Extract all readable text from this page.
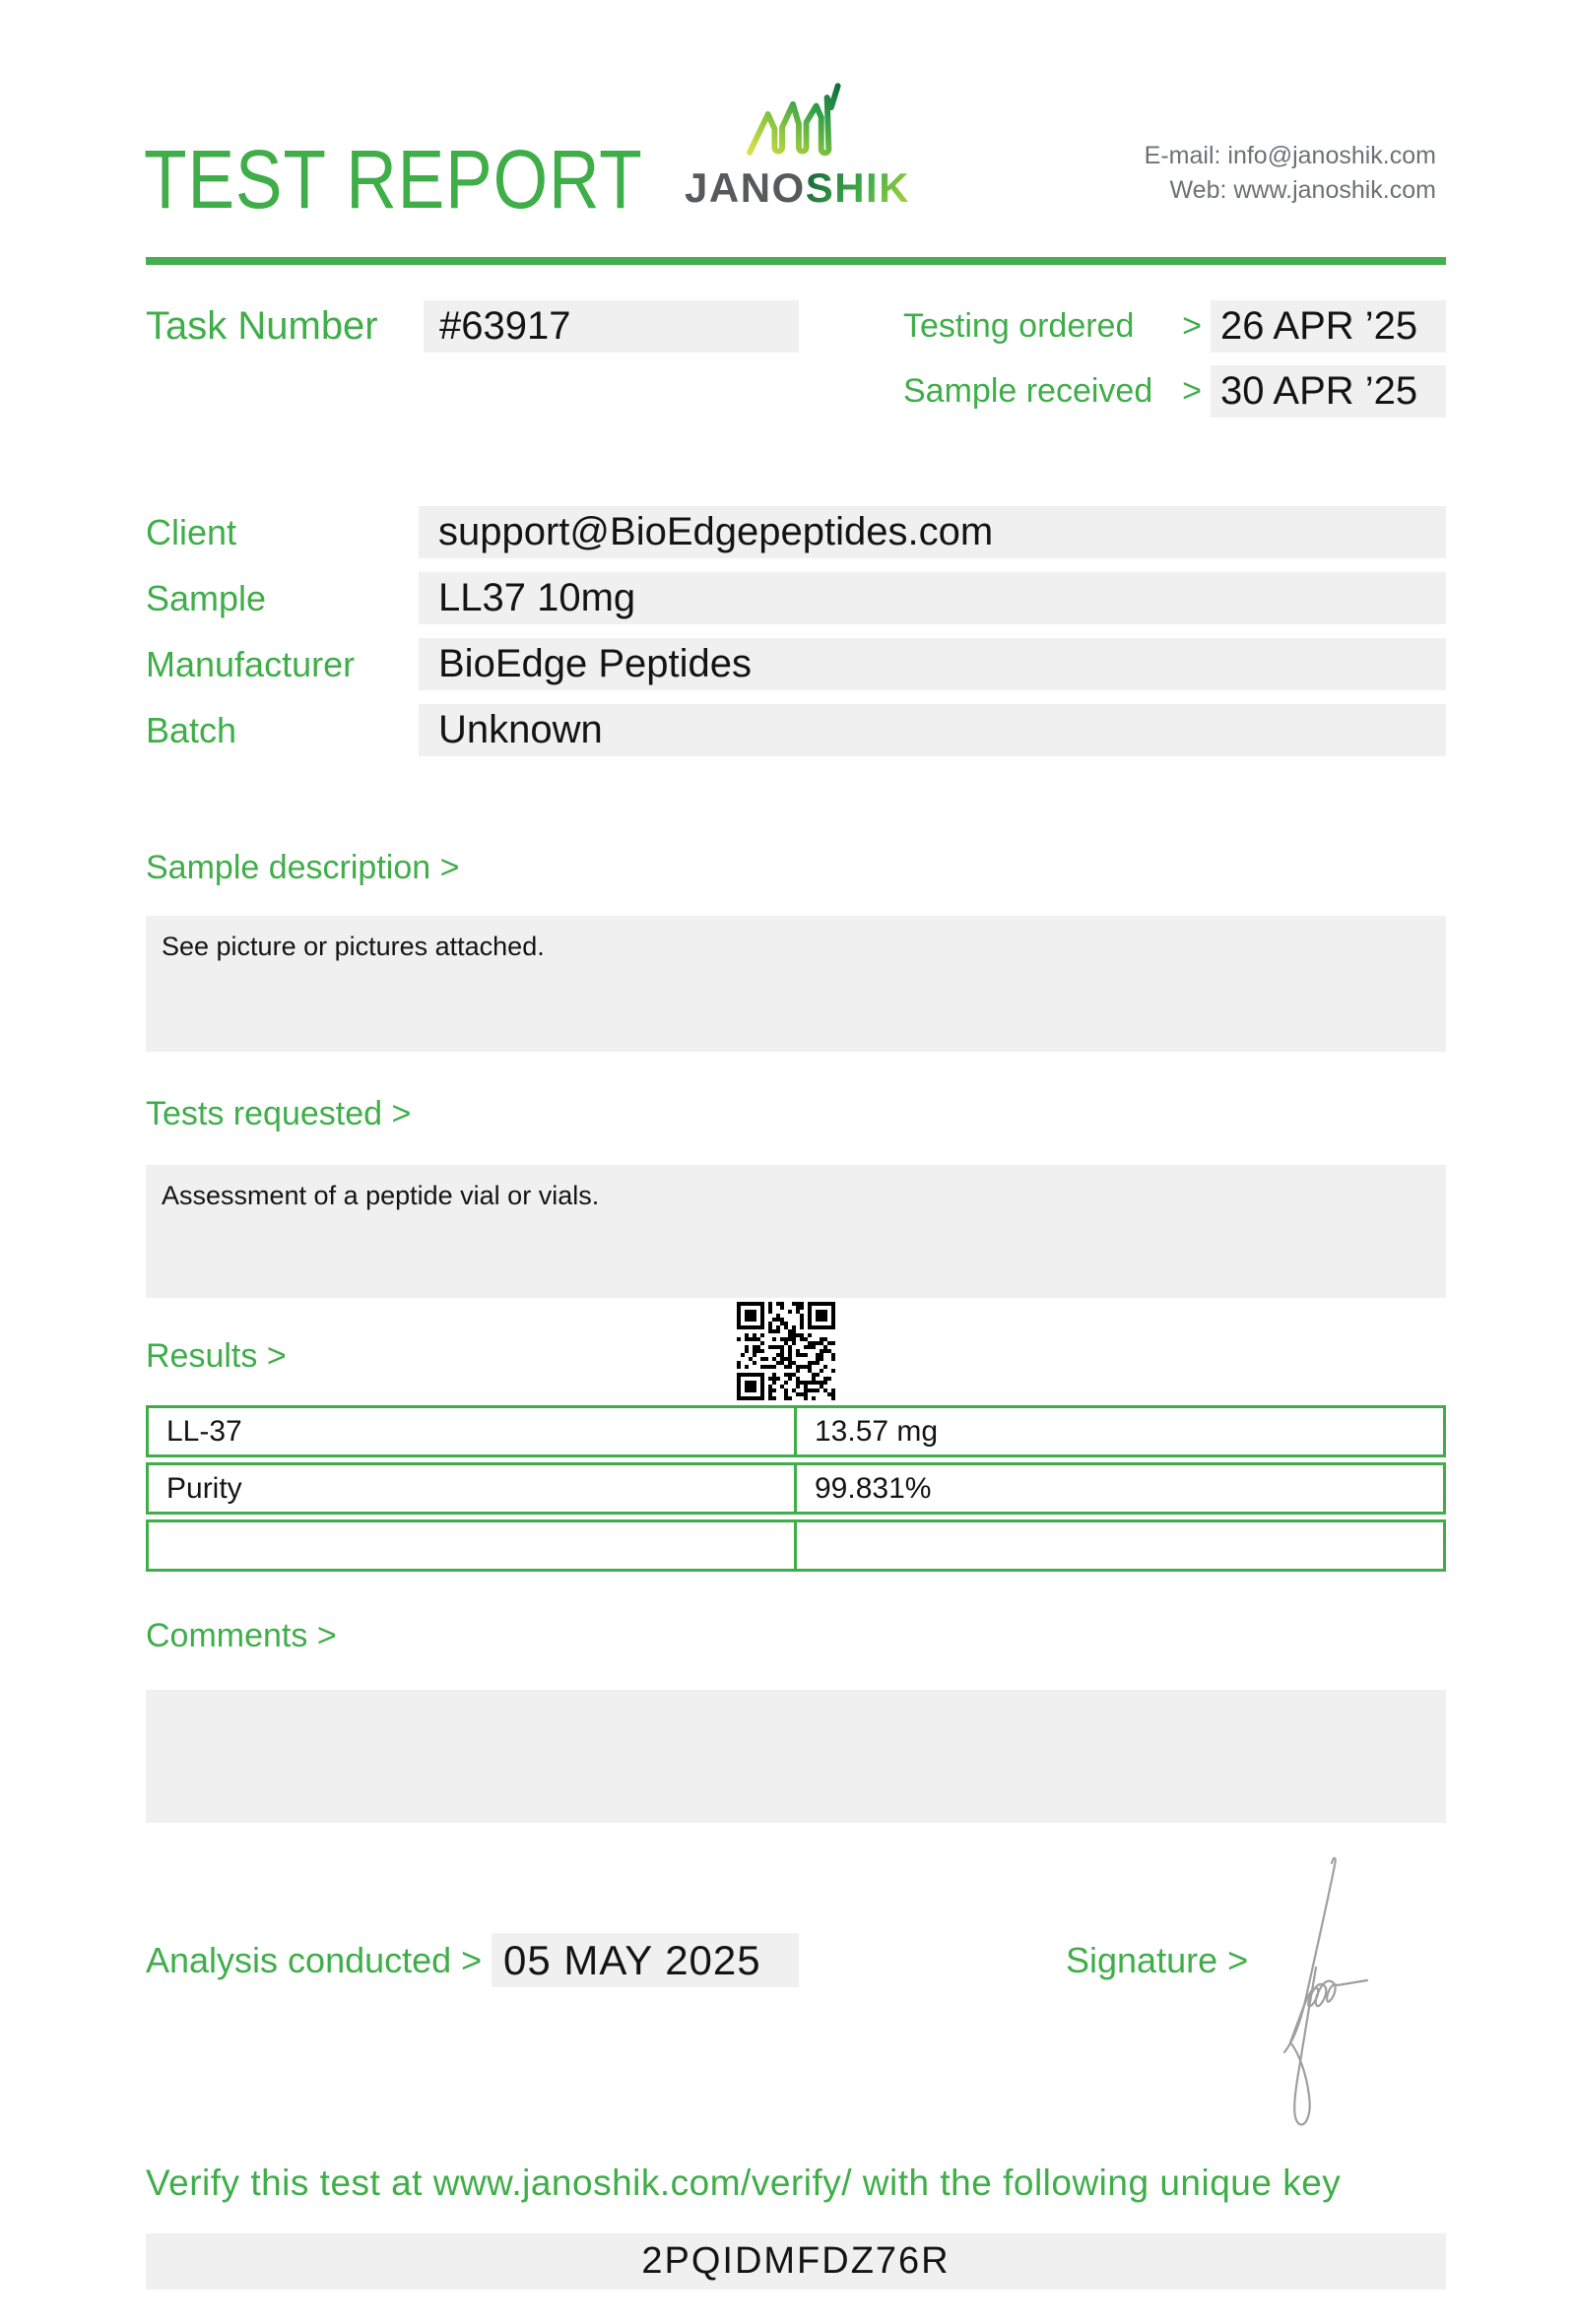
TEST REPORT JANOSHIK
E-mail: info@janoshik.com
Web: www.janoshik.com
Task Number	#63917	Testing ordered > 26 APR ’25
Sample received > 30 APR ’25
Client	support@BioEdgepeptides.com
Sample	LL37 10mg
Manufacturer	BioEdge Peptides
Batch	Unknown
Sample description >
See picture or pictures attached.
Tests requested >
Assessment of a peptide vial or vials.
Results >
LL-37	13.57 mg
Purity	99.831%
Comments >
Analysis conducted > 05 MAY 2025	Signature >
Verify this test at www.janoshik.com/verify/ with the following unique key
2PQIDMFDZ76R
